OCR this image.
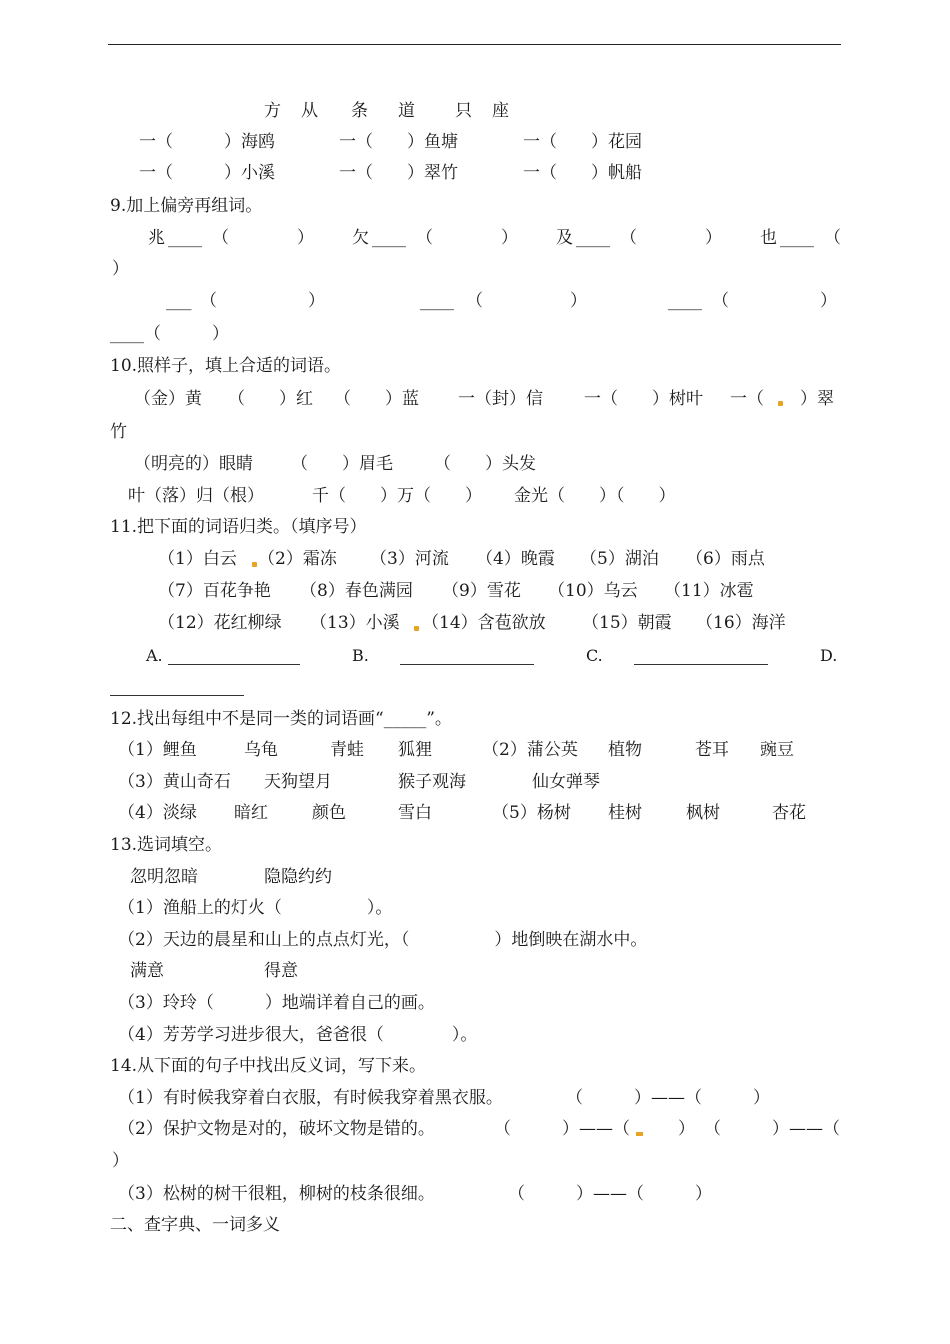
方 从 条 道 只 座
一（　　　）海鸥	一（　　）鱼塘	一（　　）花园
一（　　　）小溪	一（　　）翠竹	一（　　）帆船
9.加上偏旁再组词。
兆 ____ （　　　　） 欠 ____ （　　　　） 及 ____ （　　　　） 也 ____ （
）
___ （	）	____ （	）	____ （	）
____（　　　）
10.照样子，填上合适的词语。
（金）黄 （　　）红 （　　）蓝 一（封）信 一（　　）树叶 一（ ）翠
竹
（明亮的）眼睛 （　　）眉毛 （　　）头发
叶（落）归（根）	千（　　）万（　　） 金光（　　）（　　）
11.把下面的词语归类。（填序号）
（1）白云 （2）霜冻 （3）河流 （4）晚霞 （5）湖泊 （6）雨点
（7）百花争艳 （8）春色满园 （9）雪花 （10）乌云 （11）冰雹
（12）花红柳绿 （13）小溪 （14）含苞欲放 （15）朝霞 （16）海洋
A.	B.	C.	D.
12.找出每组中不是同一类的词语画“_____”。
（1）鲤鱼	乌龟	青蛙 狐狸	（2）蒲公英 植物	苍耳 豌豆
（3）黄山奇石 天狗望月	猴子观海	仙女弹琴
（4）淡绿 暗红	颜色	雪白	（5）杨树 桂树	枫树	杏花
13.选词填空。
忽明忽暗	隐隐约约
（1）渔船上的灯火（　　　　　）。
（2）天边的晨星和山上的点点灯光，（　　　　　）地倒映在湖水中。
满意	得意
（3）玲玲（　　　）地端详着自己的画。
（4）芳芳学习进步很大，爸爸很（　　　　）。
14.从下面的句子中找出反义词，写下来。
（1）有时候我穿着白衣服，有时候我穿着黑衣服。	（　　　）——（　　　）
（2）保护文物是对的，破坏文物是错的。	（　　　）——（	） （　　　）——（
）
（3）松树的树干很粗，柳树的枝条很细。	（　　　）——（　　　）
二、查字典、一词多义
